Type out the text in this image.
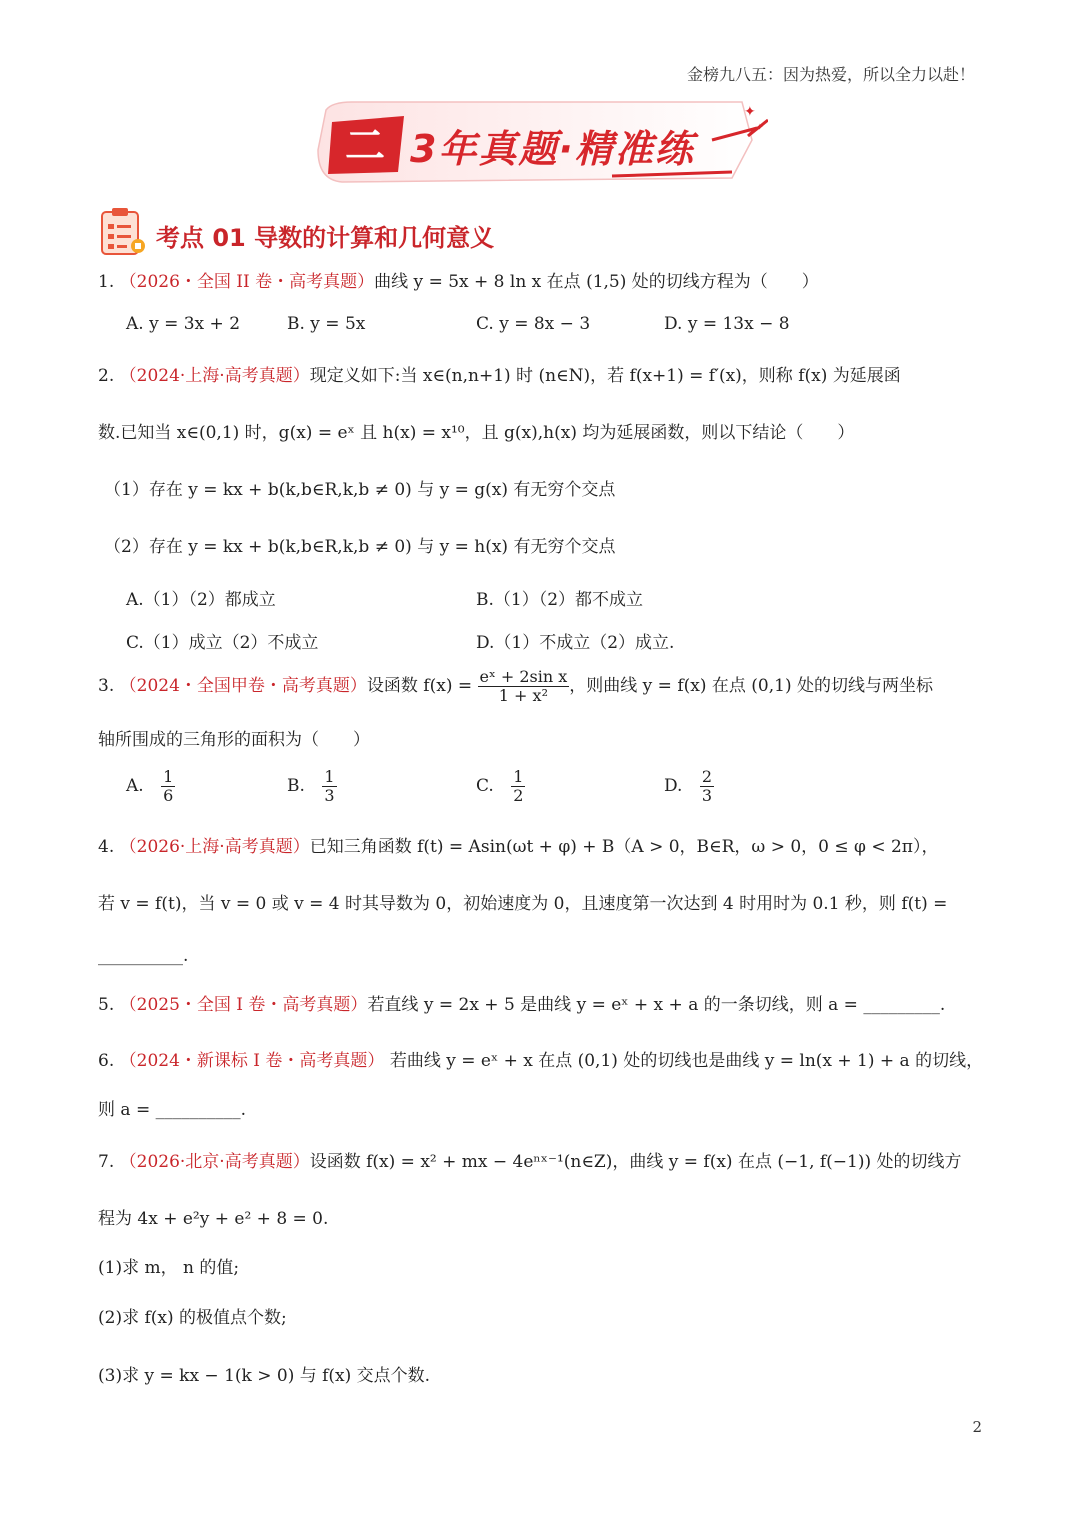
金榜九八五：因为热爱，所以全力以赴！
✦
✦
二 3年真题·精准练
考点 01 导数的计算和几何意义
1. （2026・全国 II 卷・高考真题）曲线 y = 5x + 8 ln x 在点 (1,5) 处的切线方程为（　　）
A. y = 3x + 2	B. y = 5x	C. y = 8x − 3	D. y = 13x − 8
2. （2024·上海·高考真题）现定义如下:当 x∈(n,n+1) 时 (n∈N)，若 f(x+1) = f′(x)，则称 f(x) 为延展函
数.已知当 x∈(0,1) 时，g(x) = eˣ 且 h(x) = x¹⁰，且 g(x),h(x) 均为延展函数，则以下结论（　　）
（1）存在 y = kx + b(k,b∈R,k,b ≠ 0) 与 y = g(x) 有无穷个交点
（2）存在 y = kx + b(k,b∈R,k,b ≠ 0) 与 y = h(x) 有无穷个交点
A.（1）（2）都成立	B.（1）（2）都不成立
C.（1）成立（2）不成立	D.（1）不成立（2）成立.
3. （2024・全国甲卷・高考真题）设函数 $f(x) = \frac{\text{eˣ + 2sin x}}{\text{1 + x²}}$ ，则曲线 y = f(x) 在点 (0,1) 处的切线与两坐标
轴所围成的三角形的面积为（　　）
A. $\frac{1}{6}$	B. $\frac{1}{3}$	C. $\frac{1}{2}$	D. $\frac{2}{3}$
4. （2026·上海·高考真题）已知三角函数 f(t) = Asin(ωt + φ) + B（A > 0，B∈R，ω > 0，0 ≤ φ < 2π），
若 v = f(t)，当 v = 0 或 v = 4 时其导数为 0，初始速度为 0，且速度第一次达到 4 时用时为 0.1 秒，则 f(t) =
__________.
5. （2025・全国 I 卷・高考真题）若直线 y = 2x + 5 是曲线 y = eˣ + x + a 的一条切线，则 a = _________.
6. （2024・新课标 I 卷・高考真题） 若曲线 y = eˣ + x 在点 (0,1) 处的切线也是曲线 y = ln(x + 1) + a 的切线，
则 a = __________.
7. （2026·北京·高考真题）设函数 f(x) = x² + mx − 4eⁿˣ⁻¹(n∈Z)，曲线 y = f(x) 在点 (−1, f(−1)) 处的切线方
程为 4x + e²y + e² + 8 = 0.
(1)求 m， n 的值;
(2)求 f(x) 的极值点个数;
(3)求 y = kx − 1(k > 0) 与 f(x) 交点个数.
2
